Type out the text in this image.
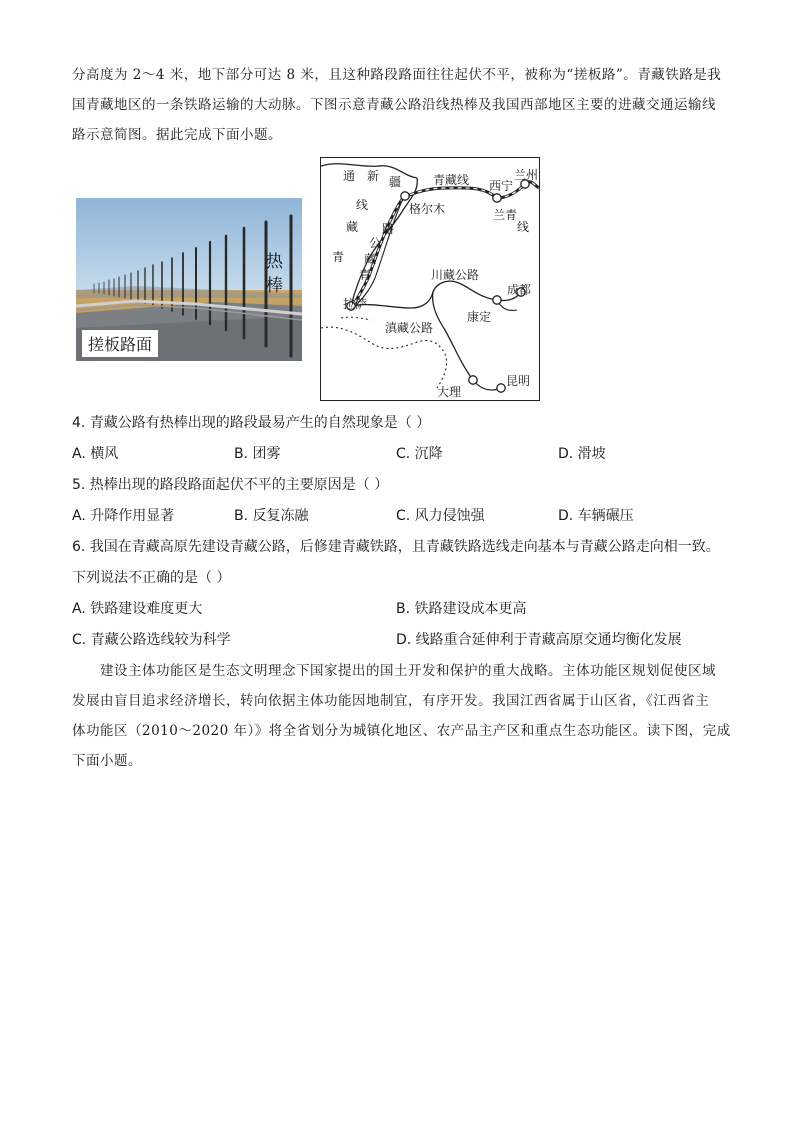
分高度为 2～4 米，地下部分可达 8 米，且这种路段路面往往起伏不平，被称为“搓板路”。青藏铁路是我
国青藏地区的一条铁路运输的大动脉。下图示意青藏公路沿线热棒及我国西部地区主要的进藏交通运输线
路示意简图。据此完成下面小题。
热棒
搓板路面
通 新 疆	青藏线 西宁
兰州
兰青
线
格尔木
线
藏 路
公
青 藏
青
拉萨
川藏公路
成都
康定
滇藏公路
大理
昆明
4. 青藏公路有热棒出现的路段最易产生的自然现象是（ ）
A. 横风	B. 团雾	C. 沉降	D. 滑坡
5. 热棒出现的路段路面起伏不平的主要原因是（ ）
A. 升降作用显著	B. 反复冻融	C. 风力侵蚀强	D. 车辆碾压
6. 我国在青藏高原先建设青藏公路，后修建青藏铁路，且青藏铁路选线走向基本与青藏公路走向相一致。
下列说法不正确的是（ ）
A. 铁路建设难度更大	B. 铁路建设成本更高
C. 青藏公路选线较为科学	D. 线路重合延伸利于青藏高原交通均衡化发展
建设主体功能区是生态文明理念下国家提出的国土开发和保护的重大战略。主体功能区规划促使区域
发展由盲目追求经济增长，转向依据主体功能因地制宜，有序开发。我国江西省属于山区省，《江西省主
体功能区（2010～2020 年）》将全省划分为城镇化地区、农产品主产区和重点生态功能区。读下图，完成
下面小题。
